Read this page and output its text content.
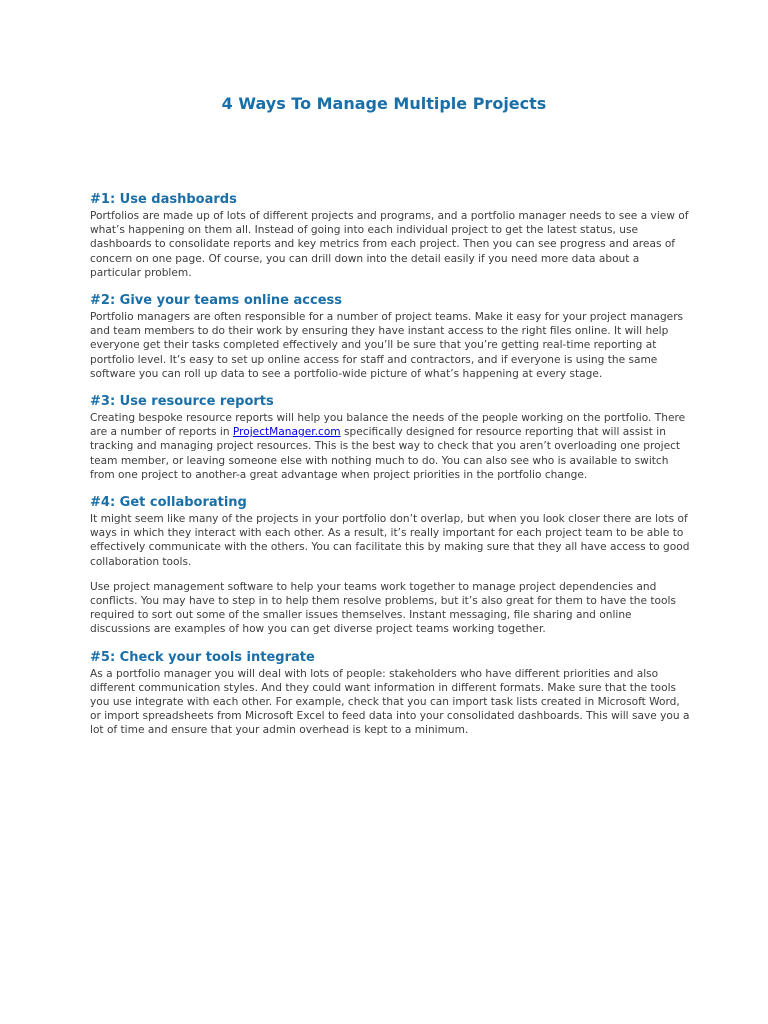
4 Ways To Manage Multiple Projects
#1: Use dashboards

Portfolios are made up of lots of different projects and programs, and a portfolio manager needs to see a view of what’s happening on them all. Instead of going into each individual project to get the latest status, use dashboards to consolidate reports and key metrics from each project. Then you can see progress and areas of concern on one page. Of course, you can drill down into the detail easily if you need more data about a particular problem.

#2: Give your teams online access

Portfolio managers are often responsible for a number of project teams. Make it easy for your project managers and team members to do their work by ensuring they have instant access to the right files online. It will help everyone get their tasks completed effectively and you’ll be sure that you’re getting real-time reporting at portfolio level. It’s easy to set up online access for staff and contractors, and if everyone is using the same software you can roll up data to see a portfolio-wide picture of what’s happening at every stage.

#3: Use resource reports

Creating bespoke resource reports will help you balance the needs of the people working on the portfolio. There are a number of reports in ProjectManager.com specifically designed for resource reporting that will assist in tracking and managing project resources. This is the best way to check that you aren’t overloading one project team member, or leaving someone else with nothing much to do. You can also see who is available to switch from one project to another-a great advantage when project priorities in the portfolio change.

#4: Get collaborating

It might seem like many of the projects in your portfolio don’t overlap, but when you look closer there are lots of ways in which they interact with each other. As a result, it’s really important for each project team to be able to effectively communicate with the others. You can facilitate this by making sure that they all have access to good collaboration tools.

Use project management software to help your teams work together to manage project dependencies and conflicts. You may have to step in to help them resolve problems, but it’s also great for them to have the tools required to sort out some of the smaller issues themselves. Instant messaging, file sharing and online discussions are examples of how you can get diverse project teams working together.

#5: Check your tools integrate

As a portfolio manager you will deal with lots of people: stakeholders who have different priorities and also different communication styles. And they could want information in different formats. Make sure that the tools you use integrate with each other. For example, check that you can import task lists created in Microsoft Word, or import spreadsheets from Microsoft Excel to feed data into your consolidated dashboards. This will save you a lot of time and ensure that your admin overhead is kept to a minimum.
